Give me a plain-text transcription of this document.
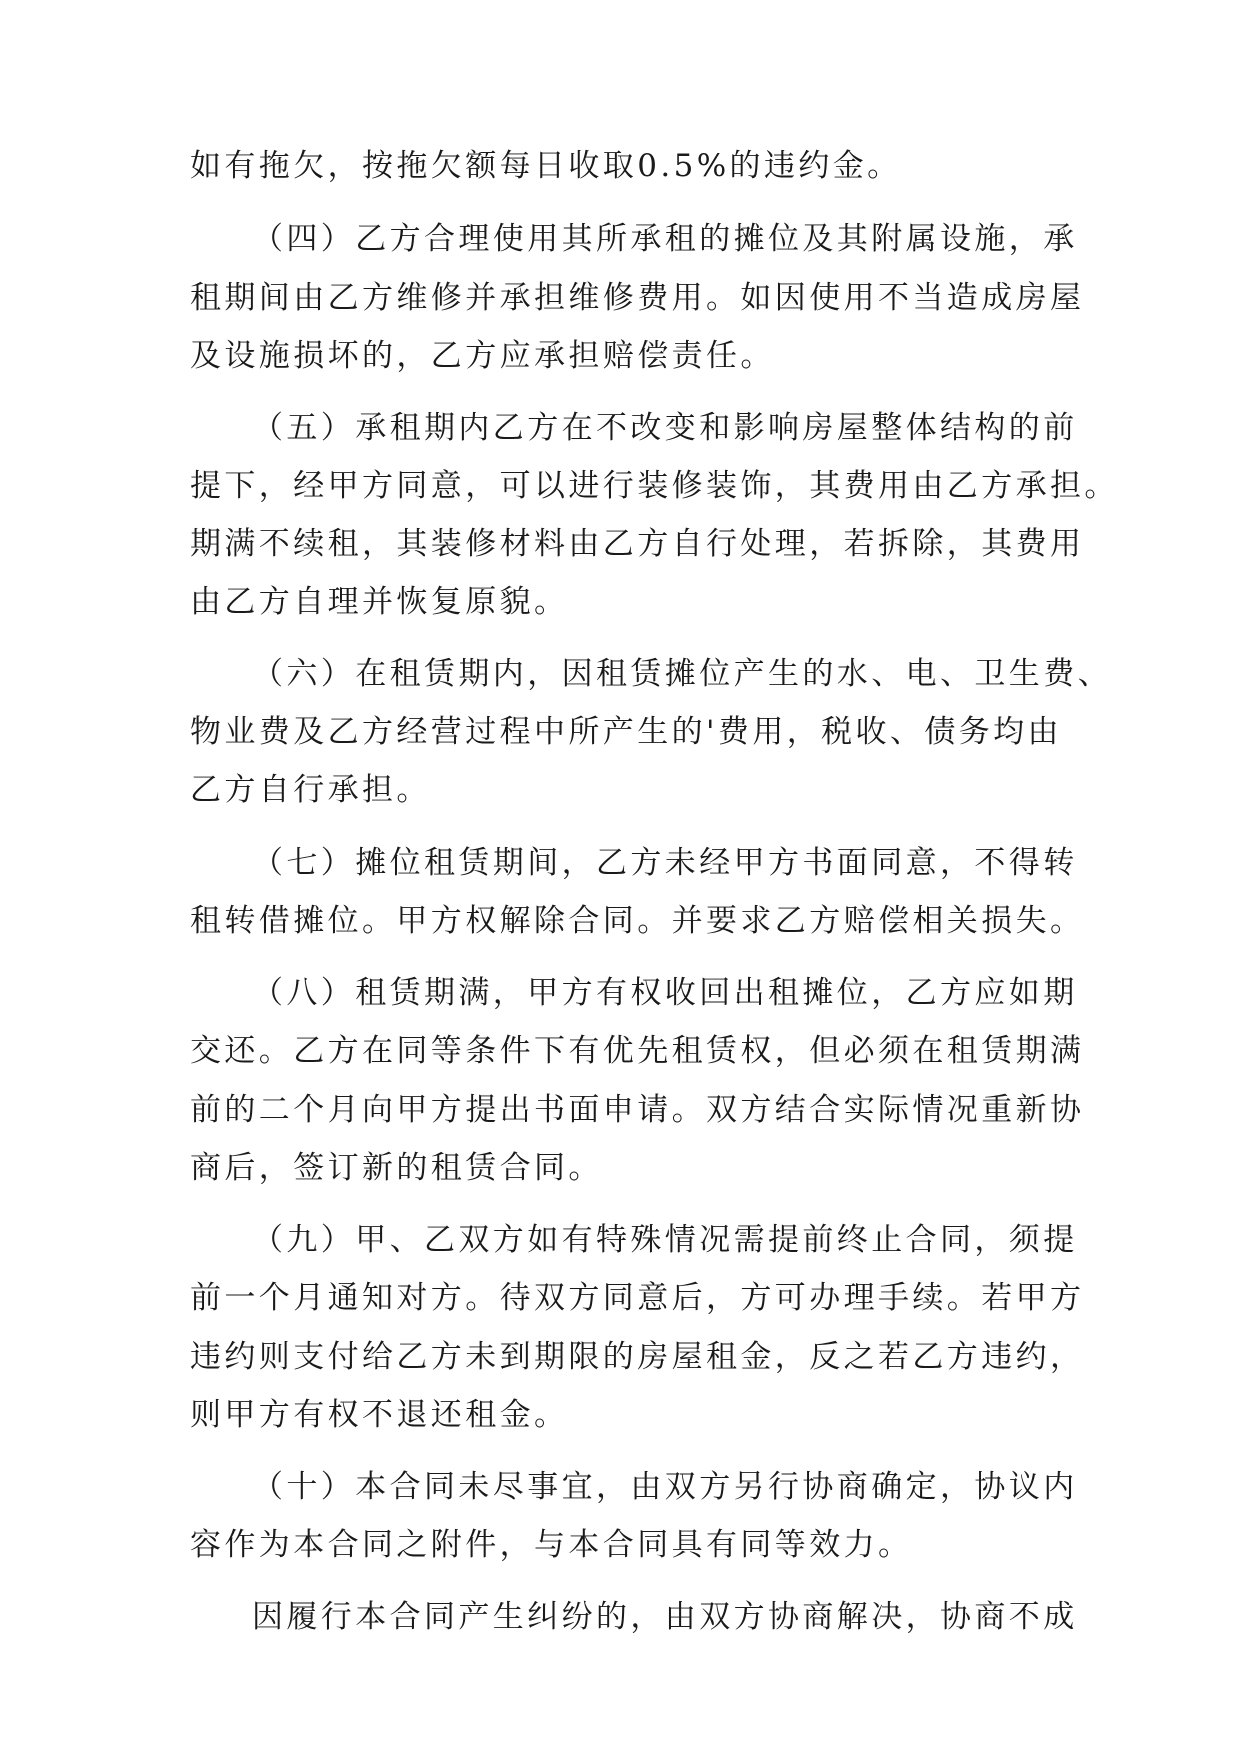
如有拖欠，按拖欠额每日收取0.5%的违约金。
（四）乙方合理使用其所承租的摊位及其附属设施，承
租期间由乙方维修并承担维修费用。如因使用不当造成房屋
及设施损坏的，乙方应承担赔偿责任。
（五）承租期内乙方在不改变和影响房屋整体结构的前
提下，经甲方同意，可以进行装修装饰，其费用由乙方承担。
期满不续租，其装修材料由乙方自行处理，若拆除，其费用
由乙方自理并恢复原貌。
（六）在租赁期内，因租赁摊位产生的水、电、卫生费、
物业费及乙方经营过程中所产生的'费用，税收、债务均由
乙方自行承担。
（七）摊位租赁期间，乙方未经甲方书面同意，不得转
租转借摊位。甲方权解除合同。并要求乙方赔偿相关损失。
（八）租赁期满，甲方有权收回出租摊位，乙方应如期
交还。乙方在同等条件下有优先租赁权，但必须在租赁期满
前的二个月向甲方提出书面申请。双方结合实际情况重新协
商后，签订新的租赁合同。
（九）甲、乙双方如有特殊情况需提前终止合同，须提
前一个月通知对方。待双方同意后，方可办理手续。若甲方
违约则支付给乙方未到期限的房屋租金，反之若乙方违约，
则甲方有权不退还租金。
（十）本合同未尽事宜，由双方另行协商确定，协议内
容作为本合同之附件，与本合同具有同等效力。
因履行本合同产生纠纷的，由双方协商解决，协商不成
